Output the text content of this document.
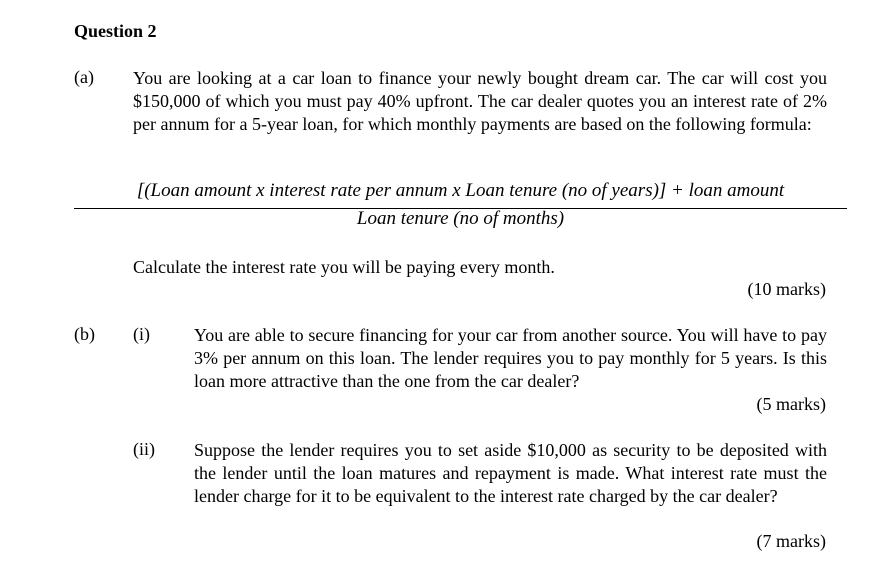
Question 2
(a) You are looking at a car loan to finance your newly bought dream car. The car will cost you $150,000 of which you must pay 40% upfront. The car dealer quotes you an interest rate of 2% per annum for a 5-year loan, for which monthly payments are based on the following formula:
[(Loan amount x interest rate per annum x Loan tenure (no of years)] + loan amount
Loan tenure (no of months)
Calculate the interest rate you will be paying every month.
(10 marks)
(b) (i) You are able to secure financing for your car from another source. You will have to pay 3% per annum on this loan. The lender requires you to pay monthly for 5 years. Is this loan more attractive than the one from the car dealer?
(5 marks)
(ii) Suppose the lender requires you to set aside $10,000 as security to be deposited with the lender until the loan matures and repayment is made. What interest rate must the lender charge for it to be equivalent to the interest rate charged by the car dealer?
(7 marks)
